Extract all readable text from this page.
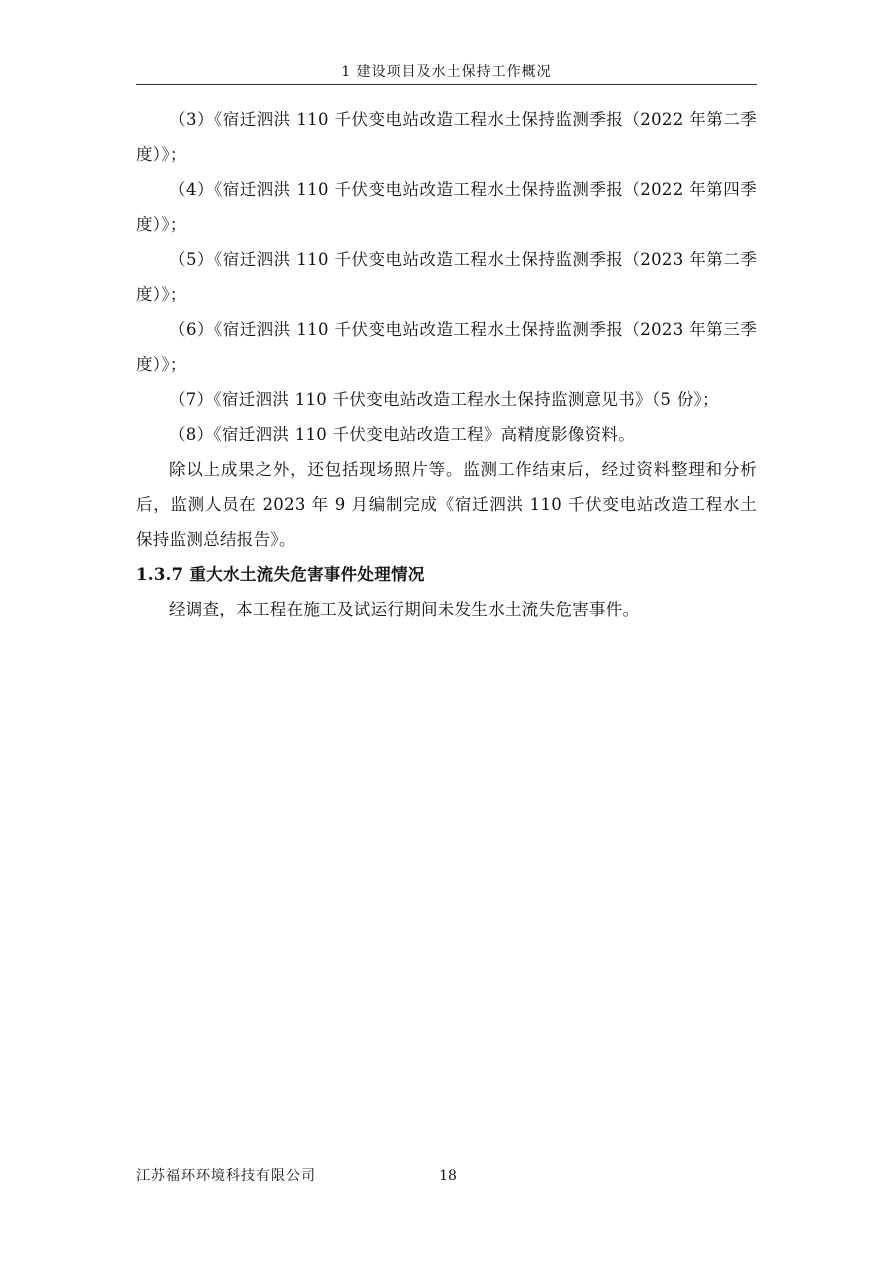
1 建设项目及水土保持工作概况

（3）《宿迁泗洪 110 千伏变电站改造工程水土保持监测季报（2022 年第二季度）》；

（4）《宿迁泗洪 110 千伏变电站改造工程水土保持监测季报（2022 年第四季度）》；

（5）《宿迁泗洪 110 千伏变电站改造工程水土保持监测季报（2023 年第二季度）》；

（6）《宿迁泗洪 110 千伏变电站改造工程水土保持监测季报（2023 年第三季度）》；

（7）《宿迁泗洪 110 千伏变电站改造工程水土保持监测意见书》（5 份》；

（8）《宿迁泗洪 110 千伏变电站改造工程》高精度影像资料。

除以上成果之外，还包括现场照片等。监测工作结束后，经过资料整理和分析后，监测人员在 2023 年 9 月编制完成《宿迁泗洪 110 千伏变电站改造工程水土保持监测总结报告》。

1.3.7 重大水土流失危害事件处理情况

经调查，本工程在施工及试运行期间未发生水土流失危害事件。

江苏福环环境科技有限公司	18
